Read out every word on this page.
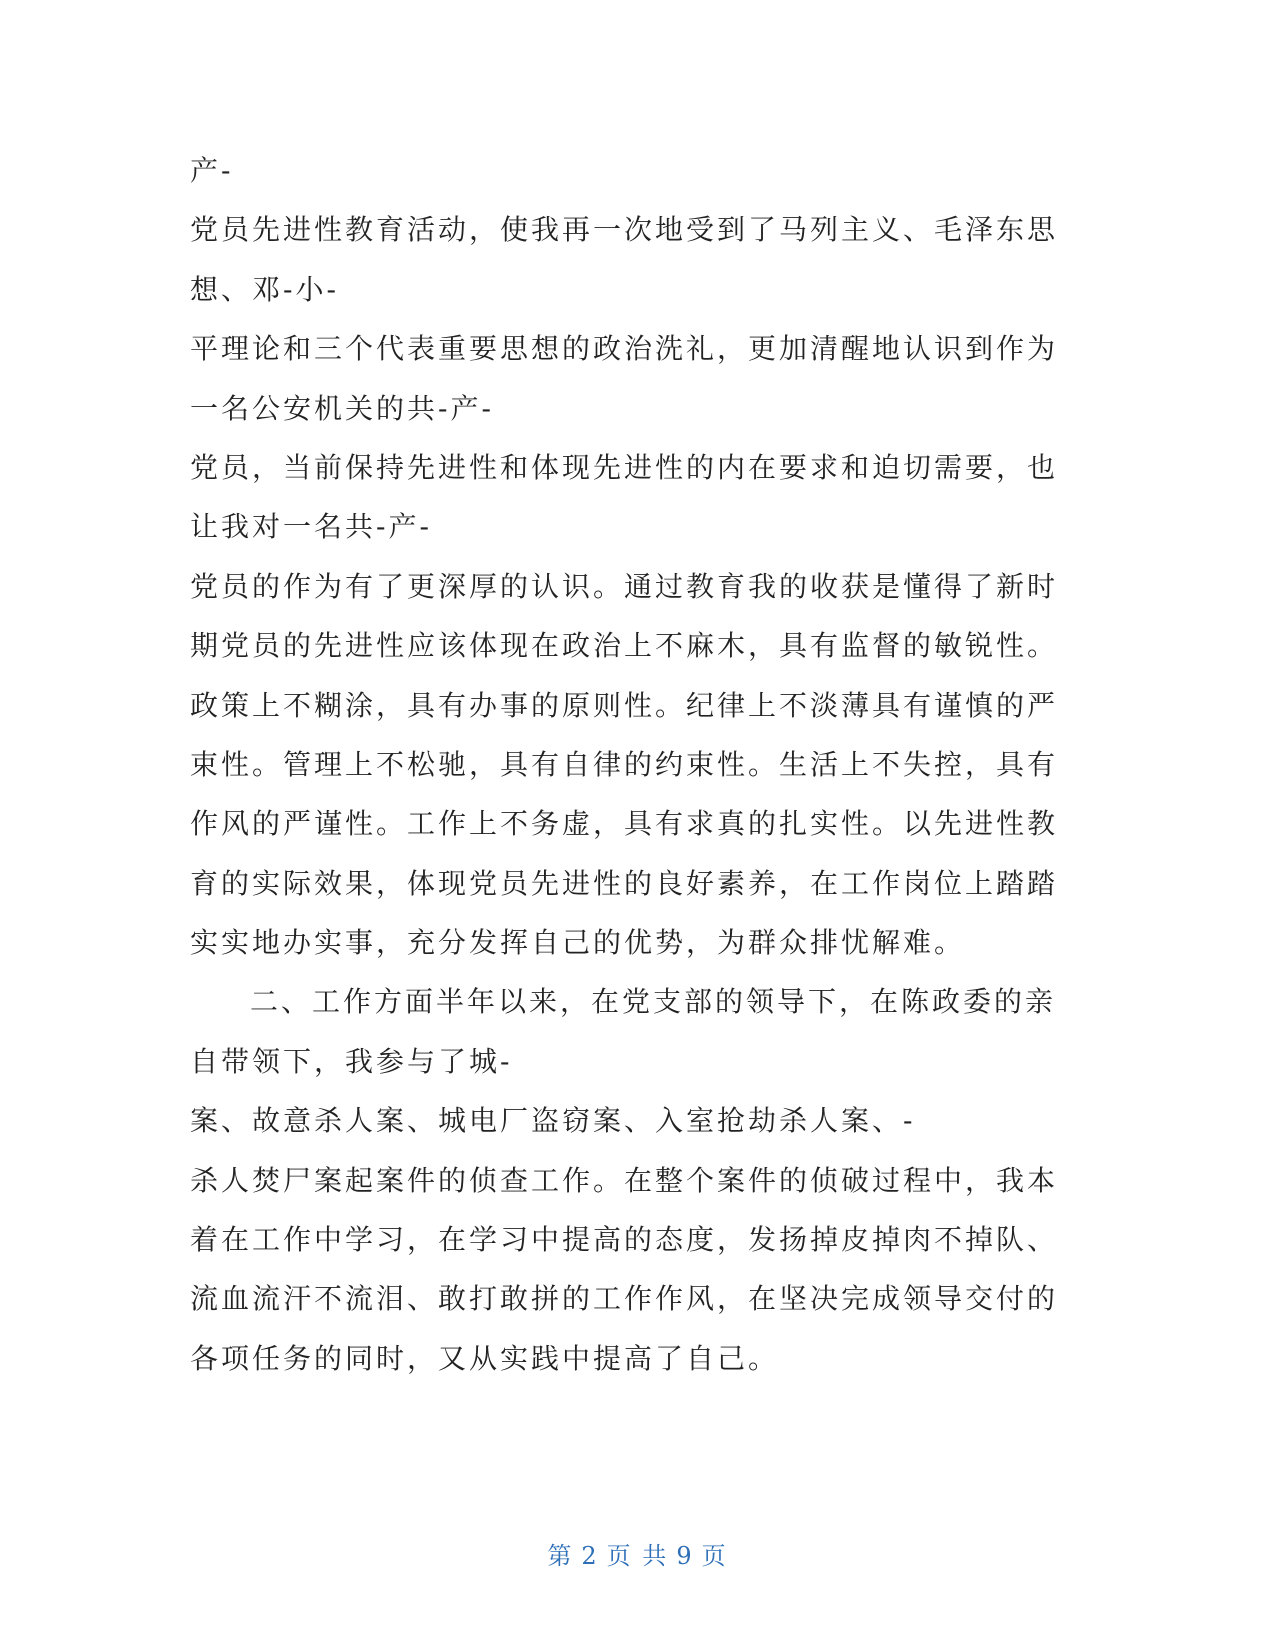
产-
党员先进性教育活动，使我再一次地受到了马列主义、毛泽东思
想、邓-小-
平理论和三个代表重要思想的政治洗礼，更加清醒地认识到作为
一名公安机关的共-产-
党员，当前保持先进性和体现先进性的内在要求和迫切需要，也
让我对一名共-产-
党员的作为有了更深厚的认识。通过教育我的收获是懂得了新时
期党员的先进性应该体现在政治上不麻木，具有监督的敏锐性。
政策上不糊涂，具有办事的原则性。纪律上不淡薄具有谨慎的严
束性。管理上不松驰，具有自律的约束性。生活上不失控，具有
作风的严谨性。工作上不务虚，具有求真的扎实性。以先进性教
育的实际效果，体现党员先进性的良好素养，在工作岗位上踏踏
实实地办实事，充分发挥自己的优势，为群众排忧解难。
二、工作方面半年以来，在党支部的领导下，在陈政委的亲
自带领下，我参与了城-
案、故意杀人案、城电厂盗窃案、入室抢劫杀人案、-
杀人焚尸案起案件的侦查工作。在整个案件的侦破过程中，我本
着在工作中学习，在学习中提高的态度，发扬掉皮掉肉不掉队、
流血流汗不流泪、敢打敢拼的工作作风，在坚决完成领导交付的
各项任务的同时，又从实践中提高了自己。
第 2 页 共 9 页
